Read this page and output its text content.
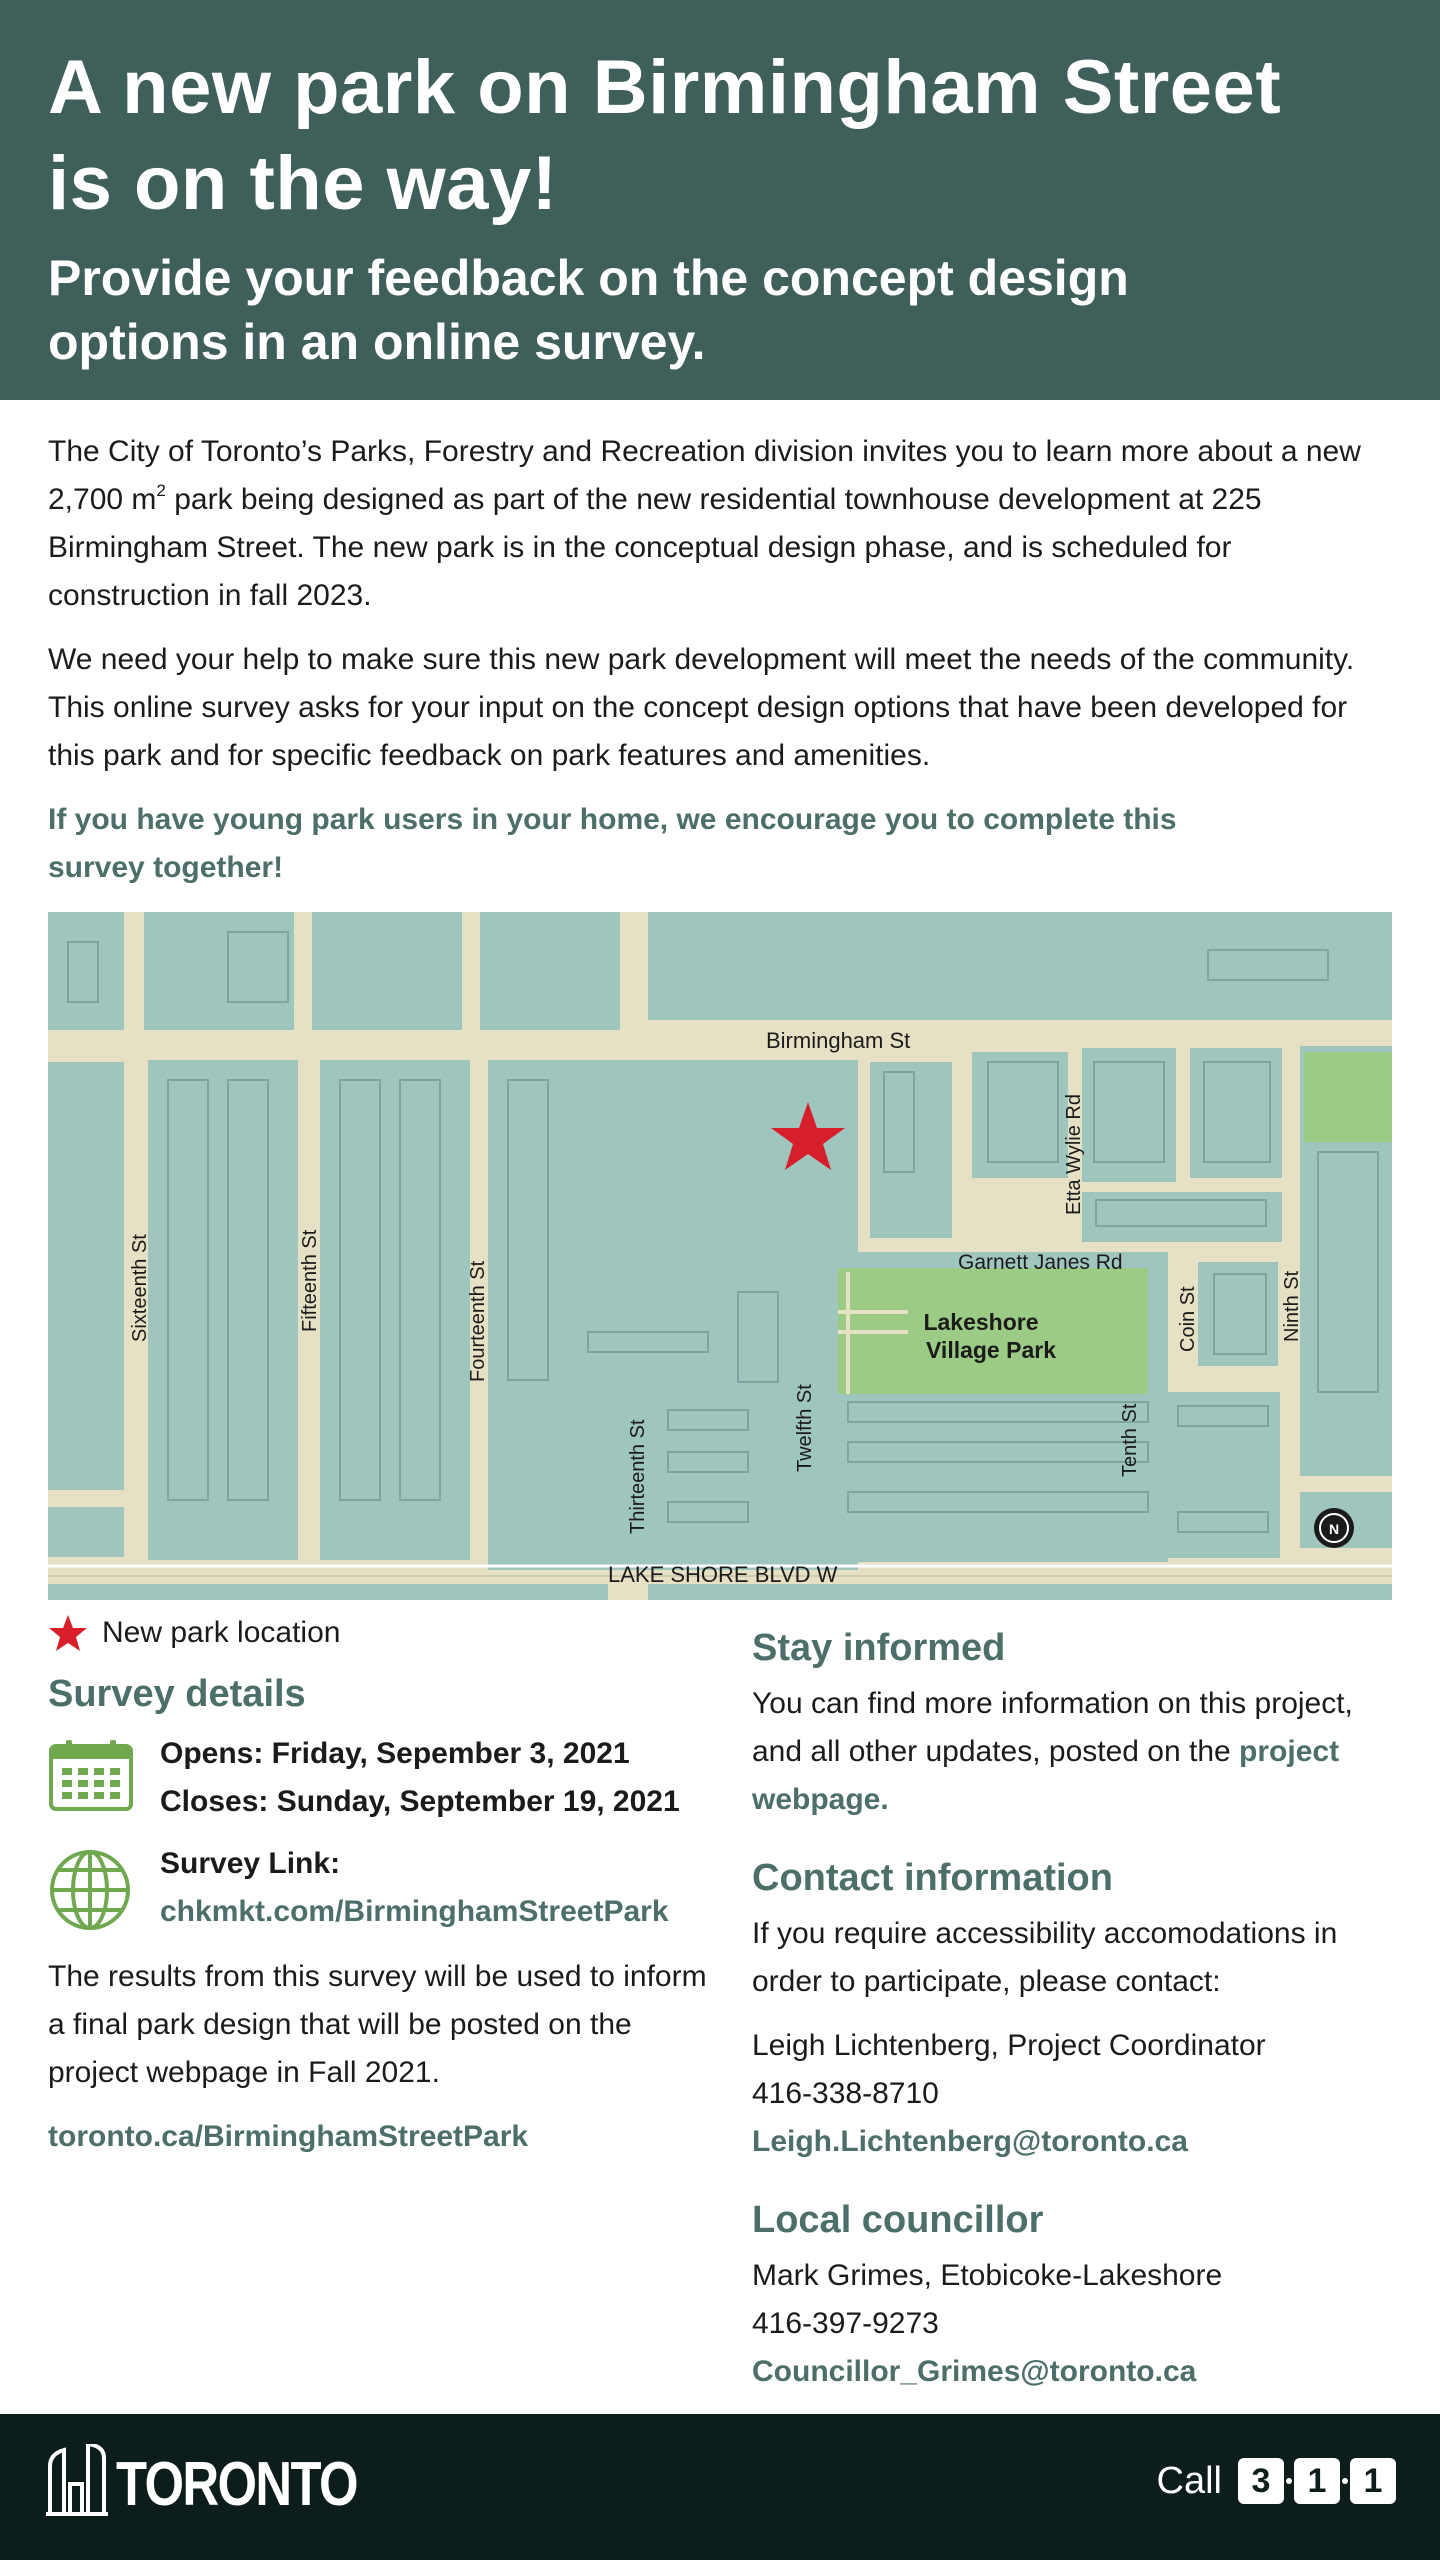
A new park on Birmingham Street is on the way!
Provide your feedback on the concept design options in an online survey.

The City of Toronto’s Parks, Forestry and Recreation division invites you to learn more about a new 2,700 $m^2$ park being designed as part of the new residential townhouse development at 225 Birmingham Street. The new park is in the conceptual design phase, and is scheduled for construction in fall 2023.

We need your help to make sure this new park development will meet the needs of the community. This online survey asks for your input on the concept design options that have been developed for this park and for specific feedback on park features and amenities.

If you have young park users in your home, we encourage you to complete this survey together!

Birmingham St
Garnett Janes Rd
LAKE SHORE BLVD W
Sixteenth St	Fifteenth St	Fourteenth St
Thirteenth St	Twelfth St	Tenth St
Coin St	Ninth St
Etta Wylie Rd
Lakeshore
Village Park
N
New park location
Survey details
Opens: Friday, Sepember 3, 2021
Closes: Sunday, September 19, 2021
Survey Link:
chkmkt.com/BirminghamStreetPark

The results from this survey will be used to inform a final park design that will be posted on the project webpage in Fall 2021.

toronto.ca/BirminghamStreetPark
Stay informed

You can find more information on this project, and all other updates, posted on the project webpage.

Contact information

If you require accessibility accomodations in order to participate, please contact:

Leigh Lichtenberg, Project Coordinator
416-338-8710
Leigh.Lichtenberg@toronto.ca
Local councillor
Mark Grimes, Etobicoke-Lakeshore
416-397-9273
Councillor_Grimes@toronto.ca
TORONTO	Call 3	1	1
